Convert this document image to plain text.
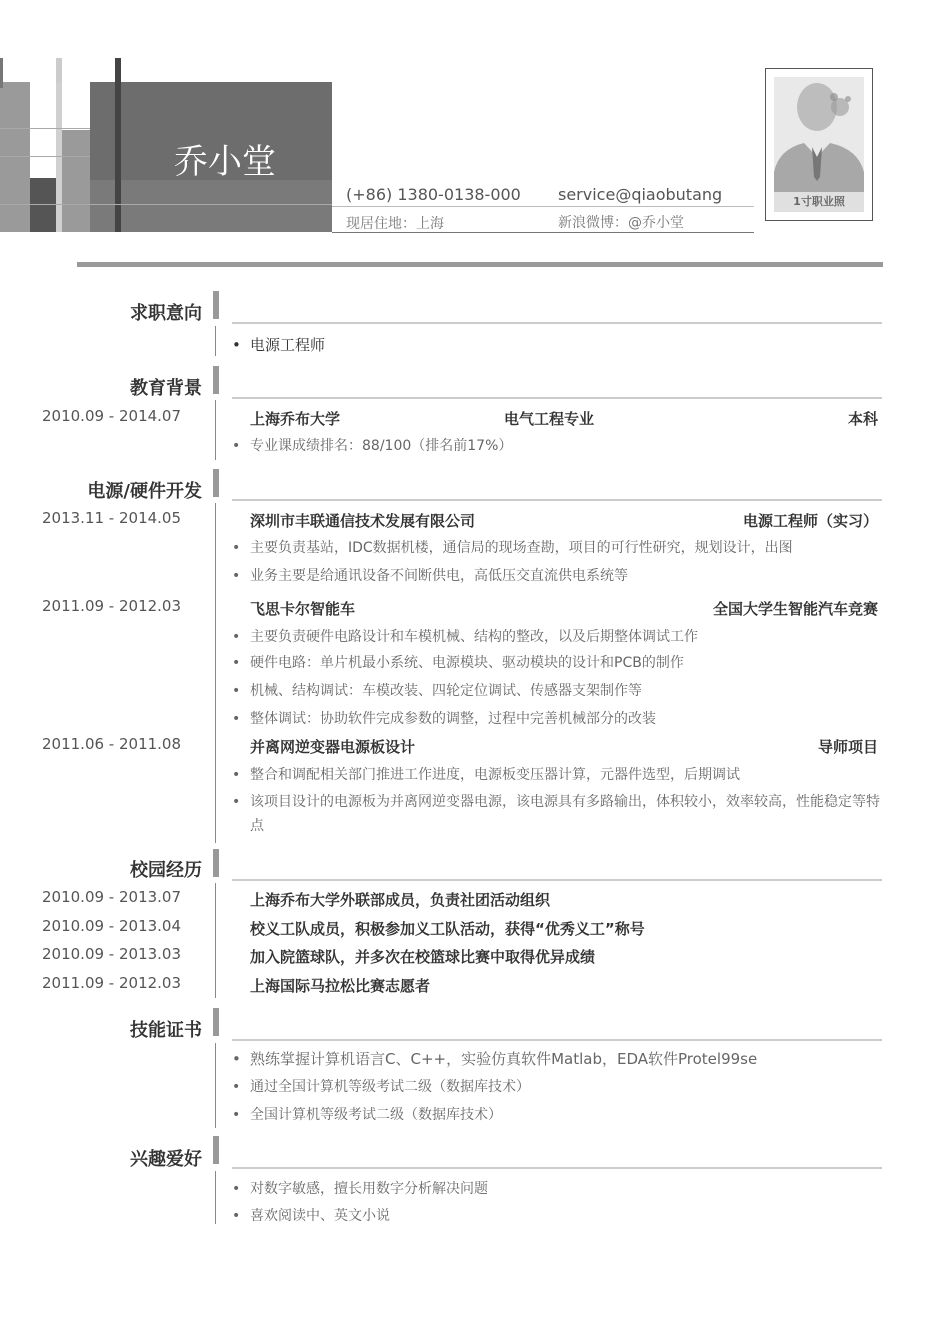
乔小堂
(+86) 1380-0138-000 service@qiaobutang
现居住地：上海	新浪微博：@乔小堂
1寸职业照
求职意向
• 电源工程师
教育背景
2010.09 - 2014.07	上海乔布大学	电气工程专业	本科
• 专业课成绩排名：88/100（排名前17%）
电源/硬件开发
2013.11 - 2014.05	深圳市丰联通信技术发展有限公司	电源工程师（实习）
• 主要负责基站，IDC数据机楼，通信局的现场查勘，项目的可行性研究，规划设计，出图
• 业务主要是给通讯设备不间断供电，高低压交直流供电系统等
2011.09 - 2012.03	飞思卡尔智能车	全国大学生智能汽车竞赛
• 主要负责硬件电路设计和车模机械、结构的整改，以及后期整体调试工作
• 硬件电路：单片机最小系统、电源模块、驱动模块的设计和PCB的制作
• 机械、结构调试：车模改装、四轮定位调试、传感器支架制作等
• 整体调试：协助软件完成参数的调整，过程中完善机械部分的改装
2011.06 - 2011.08	并离网逆变器电源板设计	导师项目
• 整合和调配相关部门推进工作进度，电源板变压器计算，元器件选型，后期调试
• 该项目设计的电源板为并离网逆变器电源，该电源具有多路输出，体积较小，效率较高，性能稳定等特点
校园经历
2010.09 - 2013.07	上海乔布大学外联部成员，负责社团活动组织
2010.09 - 2013.04	校义工队成员，积极参加义工队活动，获得“优秀义工”称号
2010.09 - 2013.03	加入院篮球队，并多次在校篮球比赛中取得优异成绩
2011.09 - 2012.03	上海国际马拉松比赛志愿者
技能证书
• 熟练掌握计算机语言C、C++，实验仿真软件Matlab，EDA软件Protel99se
• 通过全国计算机等级考试二级（数据库技术）
• 全国计算机等级考试二级（数据库技术）
兴趣爱好
• 对数字敏感，擅长用数字分析解决问题
• 喜欢阅读中、英文小说
